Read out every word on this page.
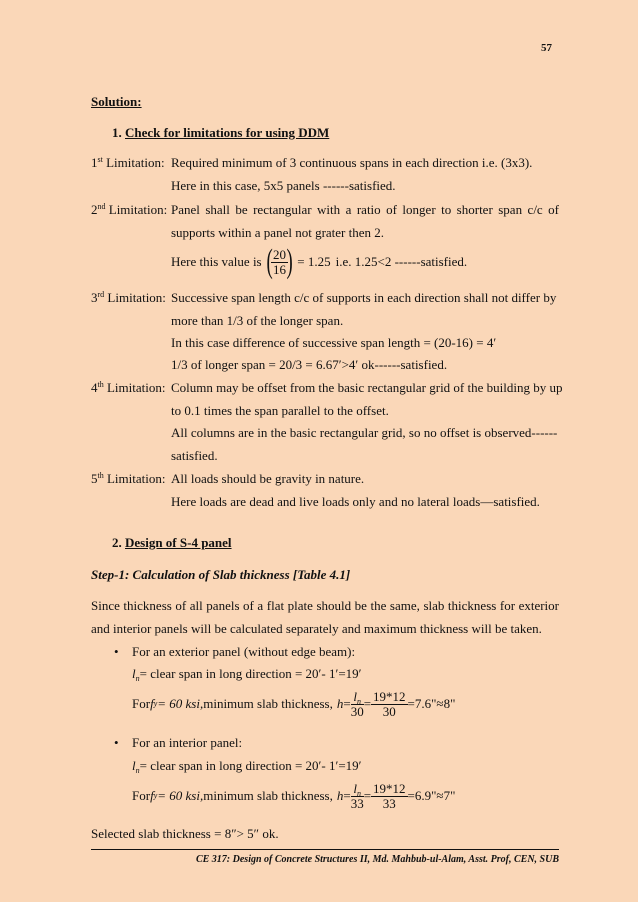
57
Solution:
1. Check for limitations for using DDM
1st Limitation: Required minimum of 3 continuous spans in each direction i.e. (3x3).
Here in this case, 5x5 panels ------satisfied.
2nd Limitation: Panel shall be rectangular with a ratio of longer to shorter span c/c of
supports within a panel not grater then 2.
Here this value is (
$\frac{20}{16}$
) = 1.25 i.e. 1.25<2 ------satisfied.
3rd Limitation: Successive span length c/c of supports in each direction shall not differ by
more than 1/3 of the longer span.
In this case difference of successive span length = (20-16) = 4′
1/3 of longer span = 20/3 = 6.67′>4′ ok------satisfied.
4th Limitation: Column may be offset from the basic rectangular grid of the building by up
to 0.1 times the span parallel to the offset.
All columns are in the basic rectangular grid, so no offset is observed------
satisfied.
5th Limitation: All loads should be gravity in nature.
Here loads are dead and live loads only and no lateral loads—satisfied.
2. Design of S-4 panel
Step-1: Calculation of Slab thickness [Table 4.1]
Since thickness of all panels of a flat plate should be the same, slab thickness for exterior
and interior panels will be calculated separately and maximum thickness will be taken.
• For an exterior panel (without edge beam):
$l_n=$ clear span in long direction = 20′- 1′=19′
For f y = 60 ksi, minimum slab thickness, $h = \frac{l_n}{30} = \frac{19*12}{30}$ =7.6"≈8"
• For an interior panel:
$l_n=$ clear span in long direction = 20′- 1′=19′
For f y = 60 ksi, minimum slab thickness, $h = \frac{l_n}{33} = \frac{19*12}{33}$ =6.9"≈7"
Selected slab thickness = 8″> 5″ ok.
CE 317: Design of Concrete Structures II, Md. Mahbub-ul-Alam, Asst. Prof, CEN, SUB
